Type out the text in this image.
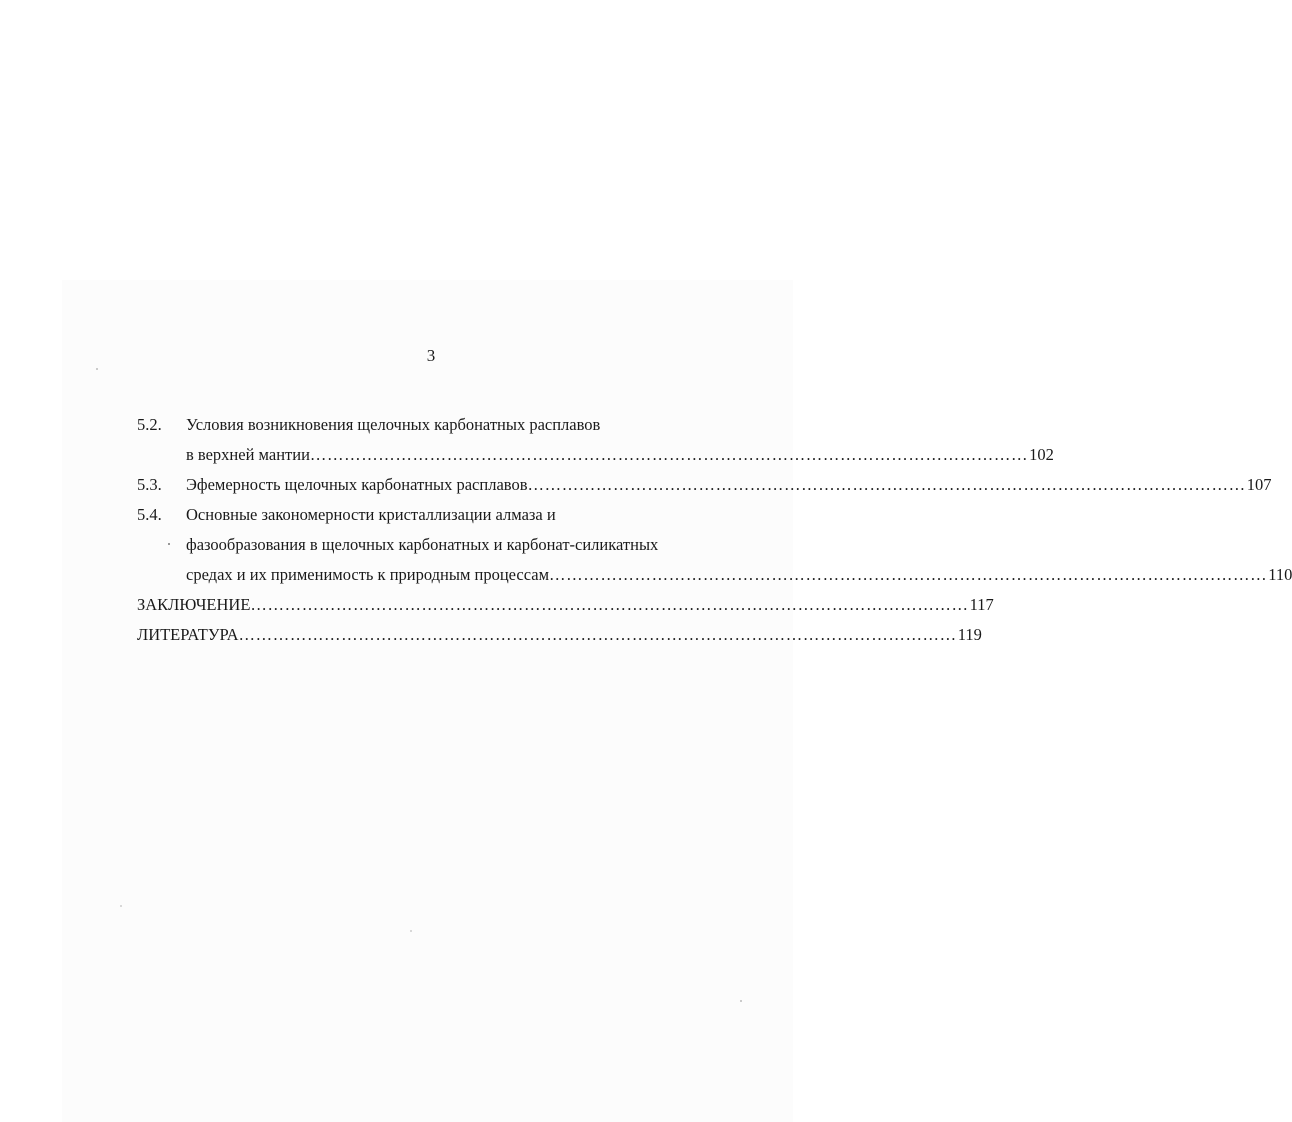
3
5.2. Условия возникновения щелочных карбонатных расплавов
в верхней мантии ……………………………………………………………………………………………………………… 102
5.3. Эфемерность щелочных карбонатных расплавов ……………………………………………………………………………………………………………… 107
5.4. Основные закономерности кристаллизации алмаза и
фазообразования в щелочных карбонатных и карбонат-силикатных
средах и их применимость к природным процессам ……………………………………………………………………………………………………………… 110
ЗАКЛЮЧЕНИЕ ……………………………………………………………………………………………………………… 117
ЛИТЕРАТУРА ……………………………………………………………………………………………………………… 119
